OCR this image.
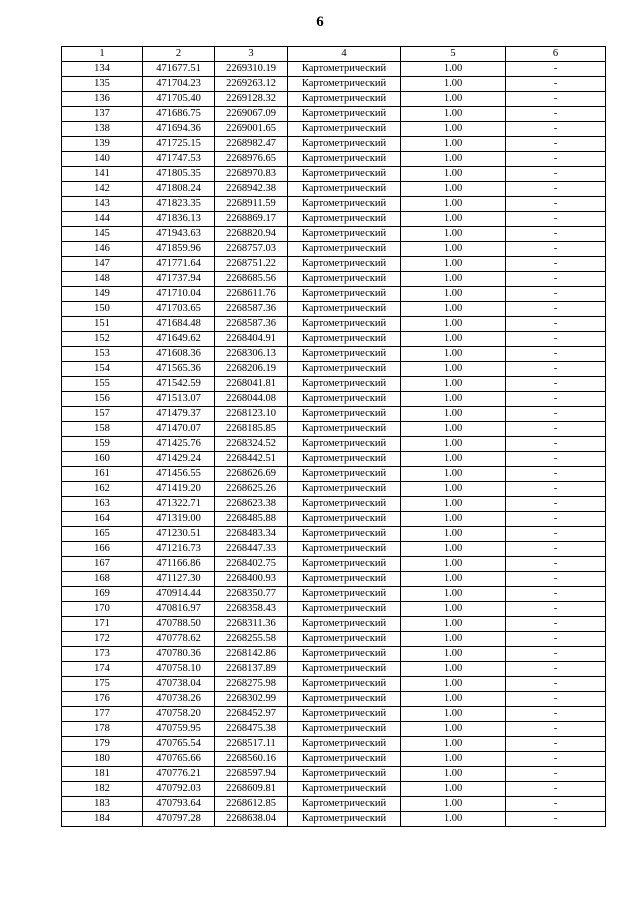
6
1	2	3	4	5	6
134	471677.51	2269310.19	Картометрический	1.00	-
135	471704.23	2269263.12	Картометрический	1.00	-
136	471705.40	2269128.32	Картометрический	1.00	-
137	471686.75	2269067.09	Картометрический	1.00	-
138	471694.36	2269001.65	Картометрический	1.00	-
139	471725.15	2268982.47	Картометрический	1.00	-
140	471747.53	2268976.65	Картометрический	1.00	-
141	471805.35	2268970.83	Картометрический	1.00	-
142	471808.24	2268942.38	Картометрический	1.00	-
143	471823.35	2268911.59	Картометрический	1.00	-
144	471836.13	2268869.17	Картометрический	1.00	-
145	471943.63	2268820.94	Картометрический	1.00	-
146	471859.96	2268757.03	Картометрический	1.00	-
147	471771.64	2268751.22	Картометрический	1.00	-
148	471737.94	2268685.56	Картометрический	1.00	-
149	471710.04	2268611.76	Картометрический	1.00	-
150	471703.65	2268587.36	Картометрический	1.00	-
151	471684.48	2268587.36	Картометрический	1.00	-
152	471649.62	2268404.91	Картометрический	1.00	-
153	471608.36	2268306.13	Картометрический	1.00	-
154	471565.36	2268206.19	Картометрический	1.00	-
155	471542.59	2268041.81	Картометрический	1.00	-
156	471513.07	2268044.08	Картометрический	1.00	-
157	471479.37	2268123.10	Картометрический	1.00	-
158	471470.07	2268185.85	Картометрический	1.00	-
159	471425.76	2268324.52	Картометрический	1.00	-
160	471429.24	2268442.51	Картометрический	1.00	-
161	471456.55	2268626.69	Картометрический	1.00	-
162	471419.20	2268625.26	Картометрический	1.00	-
163	471322.71	2268623.38	Картометрический	1.00	-
164	471319.00	2268485.88	Картометрический	1.00	-
165	471230.51	2268483.34	Картометрический	1.00	-
166	471216.73	2268447.33	Картометрический	1.00	-
167	471166.86	2268402.75	Картометрический	1.00	-
168	471127.30	2268400.93	Картометрический	1.00	-
169	470914.44	2268350.77	Картометрический	1.00	-
170	470816.97	2268358.43	Картометрический	1.00	-
171	470788.50	2268311.36	Картометрический	1.00	-
172	470778.62	2268255.58	Картометрический	1.00	-
173	470780.36	2268142.86	Картометрический	1.00	-
174	470758.10	2268137.89	Картометрический	1.00	-
175	470738.04	2268275.98	Картометрический	1.00	-
176	470738.26	2268302.99	Картометрический	1.00	-
177	470758.20	2268452.97	Картометрический	1.00	-
178	470759.95	2268475.38	Картометрический	1.00	-
179	470765.54	2268517.11	Картометрический	1.00	-
180	470765.66	2268560.16	Картометрический	1.00	-
181	470776.21	2268597.94	Картометрический	1.00	-
182	470792.03	2268609.81	Картометрический	1.00	-
183	470793.64	2268612.85	Картометрический	1.00	-
184	470797.28	2268638.04	Картометрический	1.00	-
